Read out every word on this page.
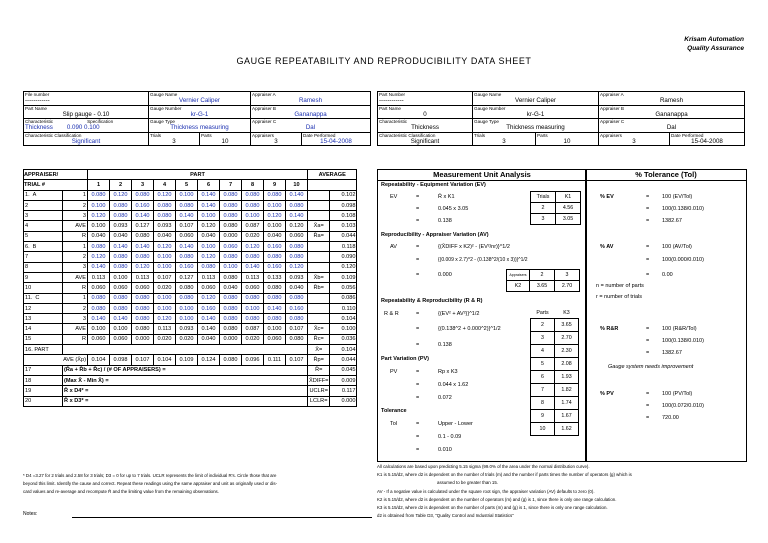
Krisam Automation
Quality Assurance
GAUGE REPEATABILITY AND REPRODUCIBILITY DATA SHEET
File number
------------	Gauge Name
Vernier Caliper		Appraiser A
Ramesh	

Part Name
Slip gauge - 0.10	Gauge Number
kr-G-1		Appraiser B
Gananappa	

Characteristic Specification
Thickness 0.090 0.100	Gauge Type
Thickness measuring		Appraiser C
Dal	

Characteristic Classification
Significant	Trials
3	Parts
10	Appraisers
3	Date Performed
15-04-2008
Part Number
------------	Gauge Name
Vernier Caliper		Appraiser A
Ramesh	

Part Name
0	Gauge Number
kr-G-1		Appraiser B
Gananappa	

Characteristic
Thickness	Gauge Type
Thickness measuring		Appraiser C
Dal	

Characteristic Classification
Significant	Trials
3	Parts
10	Appraisers
3	Date Performed
15-04-2008
APPRAISER/		PART										AVERAGE	
TRIAL #		1	2	3	4	5	6	7	8	9	10		
1. A	1	0.080	0.120	0.080	0.120	0.100	0.140	0.080	0.080	0.080	0.140		0.102
2	2	0.100	0.080	0.160	0.080	0.080	0.140	0.080	0.080	0.100	0.080		0.098
3	3	0.120	0.080	0.140	0.080	0.140	0.100	0.080	0.100	0.120	0.140		0.108
4	AVE	0.100	0.093	0.127	0.093	0.107	0.120	0.080	0.087	0.100	0.120	X̄a=	0.103
5	R	0.040	0.040	0.080	0.040	0.060	0.040	0.000	0.020	0.040	0.060	R̄a=	0.044
6. B	1	0.080	0.140	0.140	0.120	0.140	0.100	0.060	0.120	0.160	0.080		0.118
7	2	0.120	0.080	0.080	0.100	0.080	0.120	0.080	0.080	0.080	0.080		0.090
8	3	0.140	0.080	0.120	0.100	0.160	0.080	0.100	0.140	0.160	0.120		0.120
9	AVE	0.113	0.100	0.113	0.107	0.127	0.113	0.080	0.113	0.133	0.093	X̄b=	0.109
10	R	0.060	0.060	0.060	0.020	0.080	0.060	0.040	0.060	0.080	0.040	R̄b=	0.056
11. C	1	0.080	0.080	0.080	0.100	0.080	0.120	0.080	0.080	0.080	0.080		0.086
12	2	0.080	0.080	0.080	0.100	0.100	0.160	0.080	0.100	0.140	0.160		0.110
13	3	0.140	0.140	0.080	0.120	0.100	0.140	0.080	0.080	0.080	0.080		0.104
14	AVE	0.100	0.100	0.080	0.113	0.093	0.140	0.080	0.087	0.100	0.107	X̄c=	0.100
15	R	0.060	0.060	0.000	0.020	0.020	0.040	0.000	0.020	0.060	0.080	R̄c=	0.036
16. PART												X̄=	0.104
AVE (X̄p)		0.104	0.098	0.107	0.104	0.109	0.124	0.080	0.096	0.111	0.107	R̄p=	0.044
17	(R̄a + R̄b + R̄c) / (# OF APPRAISERS) =											R̄=	0.045
18	(Max X̄ - Min X̄) =											X̄DIFF=	0.009
19	R̄ x D4* =											UCLR=	0.117
20	R̄ x D3* =											LCLR=	0.000
Measurement Unit Analysis
Repeatability - Equipment Variation (EV)
EV	=	R̄ x K1
=	0.045 x 3.05
=	0.138
Trials	K1
2	4.56
3	3.05
Reproducibility - Appraiser Variation (AV)
AV	=	{(X̄DIFF x K2)² - (EV²/nr)}^1/2
=	{(0.009 x 2.7)^2 - (0.138^2/(10 x 3))}^1/2
=	0.000	Appraisers	2	3
K2	3.65	2.70
Repeatability & Reproducibility (R & R)
R & R	=	{(EV² + AV²)}^1/2
=	{(0.138^2 + 0.000^2)}^1/2
=	0.138
Parts	K3
2	3.65
3	2.70
4	2.30
5	2.08
6	1.93
7	1.82
8	1.74
9	1.67
10	1.62
Part Variation (PV)
PV	=	Rp x K3
=	0.044 x 1.62
=	0.072
Tolerance
Tol	=	Upper - Lower
=	0.1 - 0.09
=	0.010
% Tolerance (Tol)
% EV	= 100 (EV/Tol)
= 100(0.138/0.010)
= 1382.67
% AV	= 100 (AV/Tol)
= 100(0.000/0.010)
= 0.00
n = number of parts
r = number of trials
% R&R	= 100 (R&R/Tol)
= 100(0.138/0.010)
= 1382.67
Gauge system needs improvement
% PV	= 100 (PV/Tol)
= 100(0.072/0.010)
= 720.00
* D4 =3.27 for 2 trials and 2.58 for 3 trials; D3 = 0 for up to 7 trials. UCLR represents the limit of individual R's. Circle those that are
beyond this limit. Identify the cause and correct. Repeat these readings using the same appraiser and unit as originally used or dis-
card values and re-average and recompute R̄ and the limiting value from the remaining observations.
Notes:
All calculations are based upon predicting 5.15 sigma (99.0% of the area under the normal distribution curve).
K1 is 5.15/d2, where d2 is dependent on the number of trials (m) and the number if parts times the number of operators (g) which is
assumed to be greater than 15.
AV - If a negative value is calculated under the square root sign, the appraiser variation (AV) defaults to zero (0).
K2 is 5.15/d2, where d2 is dependent on the number of operators (m) and (g) is 1, since there is only one range calculation.
K3 is 5.15/d2, where d2 is dependent on the number of parts (m) and (g) is 1, since there is only one range calculation.
d2 is obtained from Table D3, "Quality Control and Industrial Statistics"
